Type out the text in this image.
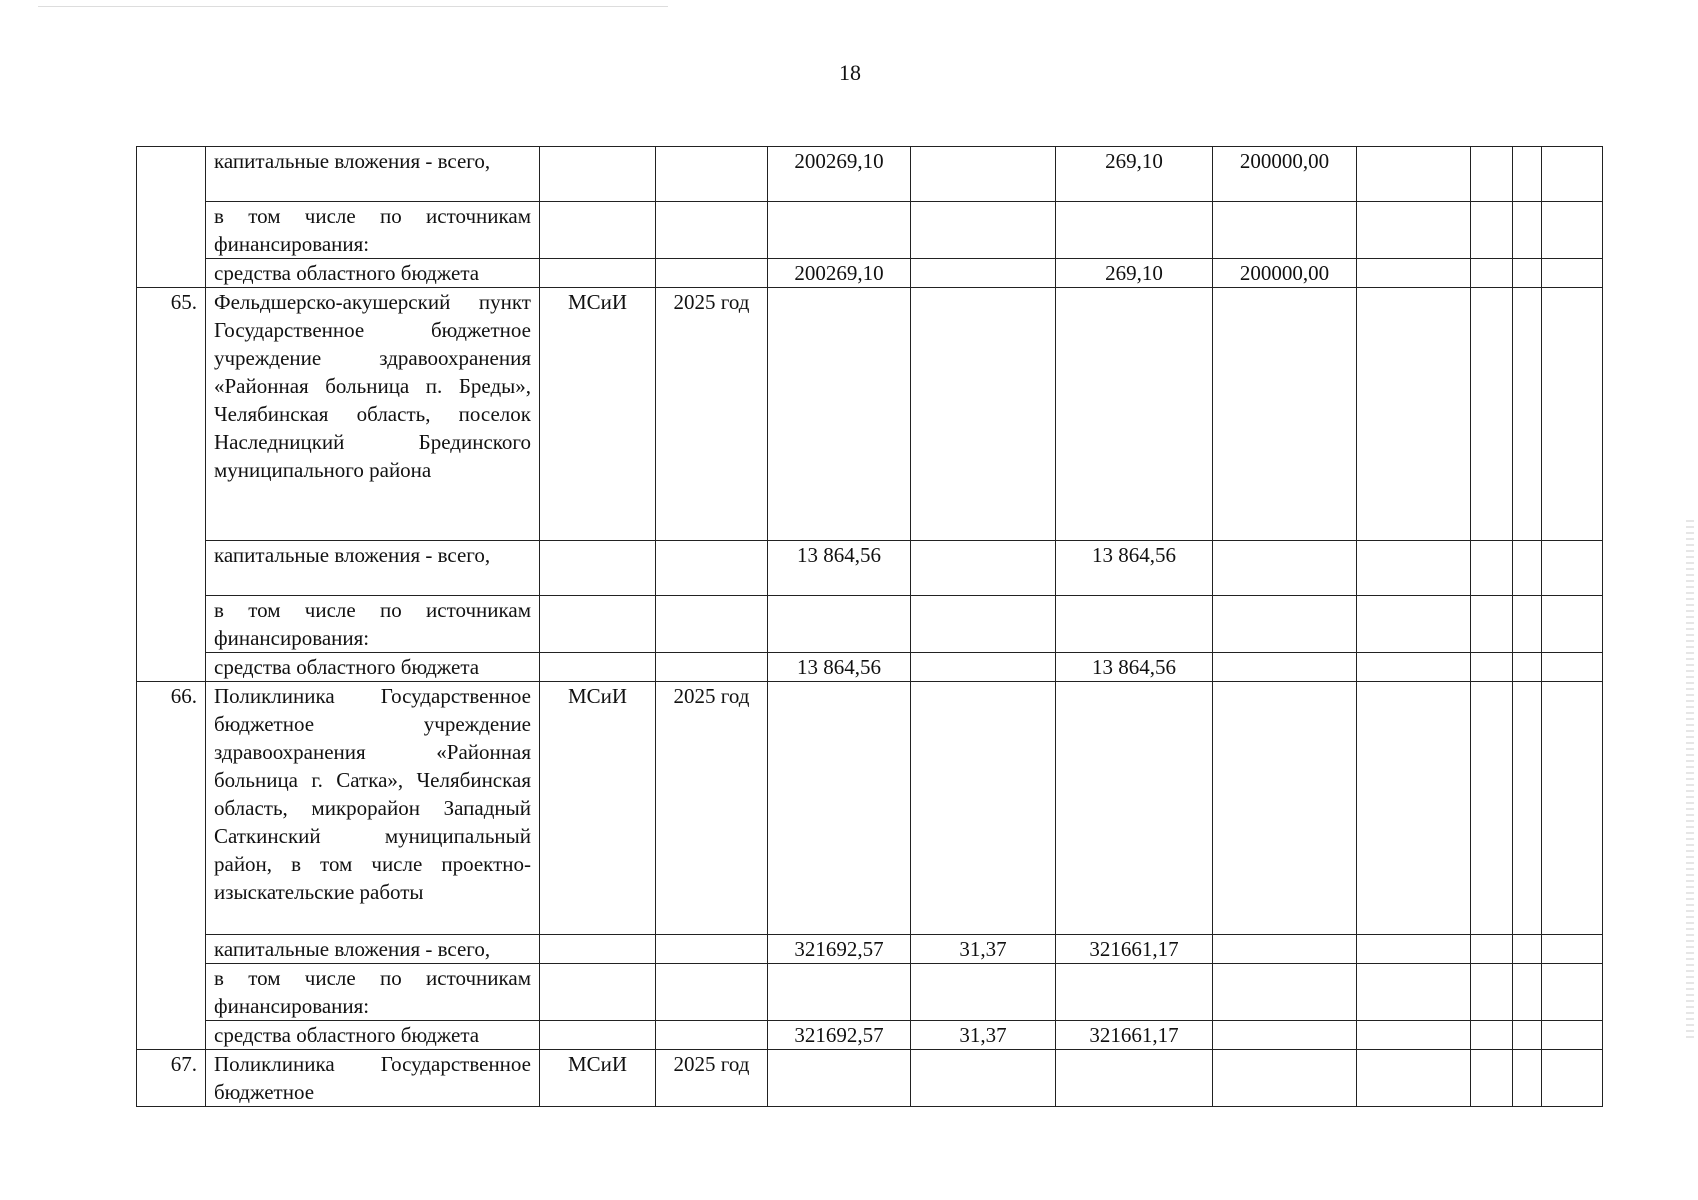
18
	капитальные вложения - всего,			200269,10		269,10	200000,00				
	в том числе по источникам финансирования:										
	средства областного бюджета			200269,10		269,10	200000,00				
65.	Фельдшерско-акушерский пункт Государственное бюджетное учреждение здравоохранения «Районная больница п. Бреды», Челябинская область, поселок Наследницкий Брединского муниципального района	МСиИ	2025 год								
	капитальные вложения - всего,			13 864,56		13 864,56					
	в том числе по источникам финансирования:										
	средства областного бюджета			13 864,56		13 864,56					
66.	Поликлиника Государственное бюджетное учреждение здравоохранения «Районная больница г. Сатка», Челябинская область, микрорайон Западный Саткинский муниципальный район, в том числе проектно-изыскательские работы	МСиИ	2025 год								
	капитальные вложения - всего,			321692,57	31,37	321661,17					
	в том числе по источникам финансирования:										
	средства областного бюджета			321692,57	31,37	321661,17					
67.	Поликлиника Государственное бюджетное	МСиИ	2025 год								
